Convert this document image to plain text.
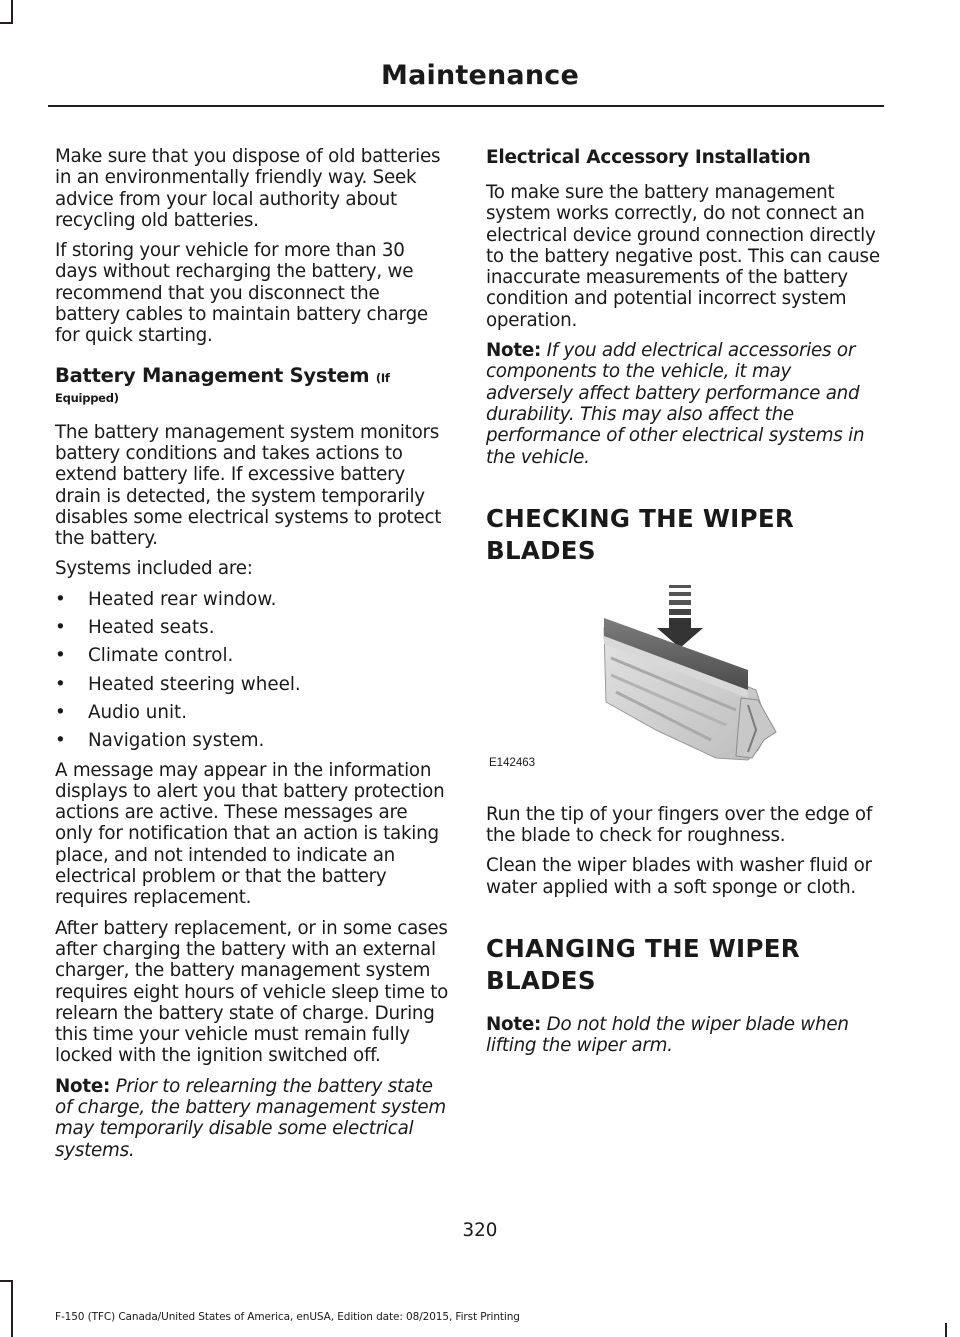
Maintenance

Make sure that you dispose of old batteries in an environmentally friendly way. Seek advice from your local authority about recycling old batteries.

If storing your vehicle for more than 30 days without recharging the battery, we recommend that you disconnect the battery cables to maintain battery charge for quick starting.

Battery Management System (If

Equipped)

The battery management system monitors battery conditions and takes actions to extend battery life. If excessive battery drain is detected, the system temporarily disables some electrical systems to protect the battery.

Systems included are:

•	Heated rear window.
•	Heated seats.
•	Climate control.
•	Heated steering wheel.
•	Audio unit.
•	Navigation system.

A message may appear in the information displays to alert you that battery protection actions are active. These messages are only for notification that an action is taking place, and not intended to indicate an electrical problem or that the battery requires replacement.

After battery replacement, or in some cases after charging the battery with an external charger, the battery management system requires eight hours of vehicle sleep time to relearn the battery state of charge. During this time your vehicle must remain fully locked with the ignition switched off.

Note: Prior to relearning the battery state of charge, the battery management system may temporarily disable some electrical systems.

Electrical Accessory Installation

To make sure the battery management system works correctly, do not connect an electrical device ground connection directly to the battery negative post. This can cause inaccurate measurements of the battery condition and potential incorrect system operation.

Note: If you add electrical accessories or components to the vehicle, it may adversely affect battery performance and durability. This may also affect the performance of other electrical systems in the vehicle.

CHECKING THE WIPER

BLADES

E142463

Run the tip of your fingers over the edge of the blade to check for roughness.

Clean the wiper blades with washer fluid or water applied with a soft sponge or cloth.

CHANGING THE WIPER

BLADES

Note: Do not hold the wiper blade when lifting the wiper arm.

320
F-150 (TFC) Canada/United States of America, enUSA, Edition date: 08/2015, First Printing
